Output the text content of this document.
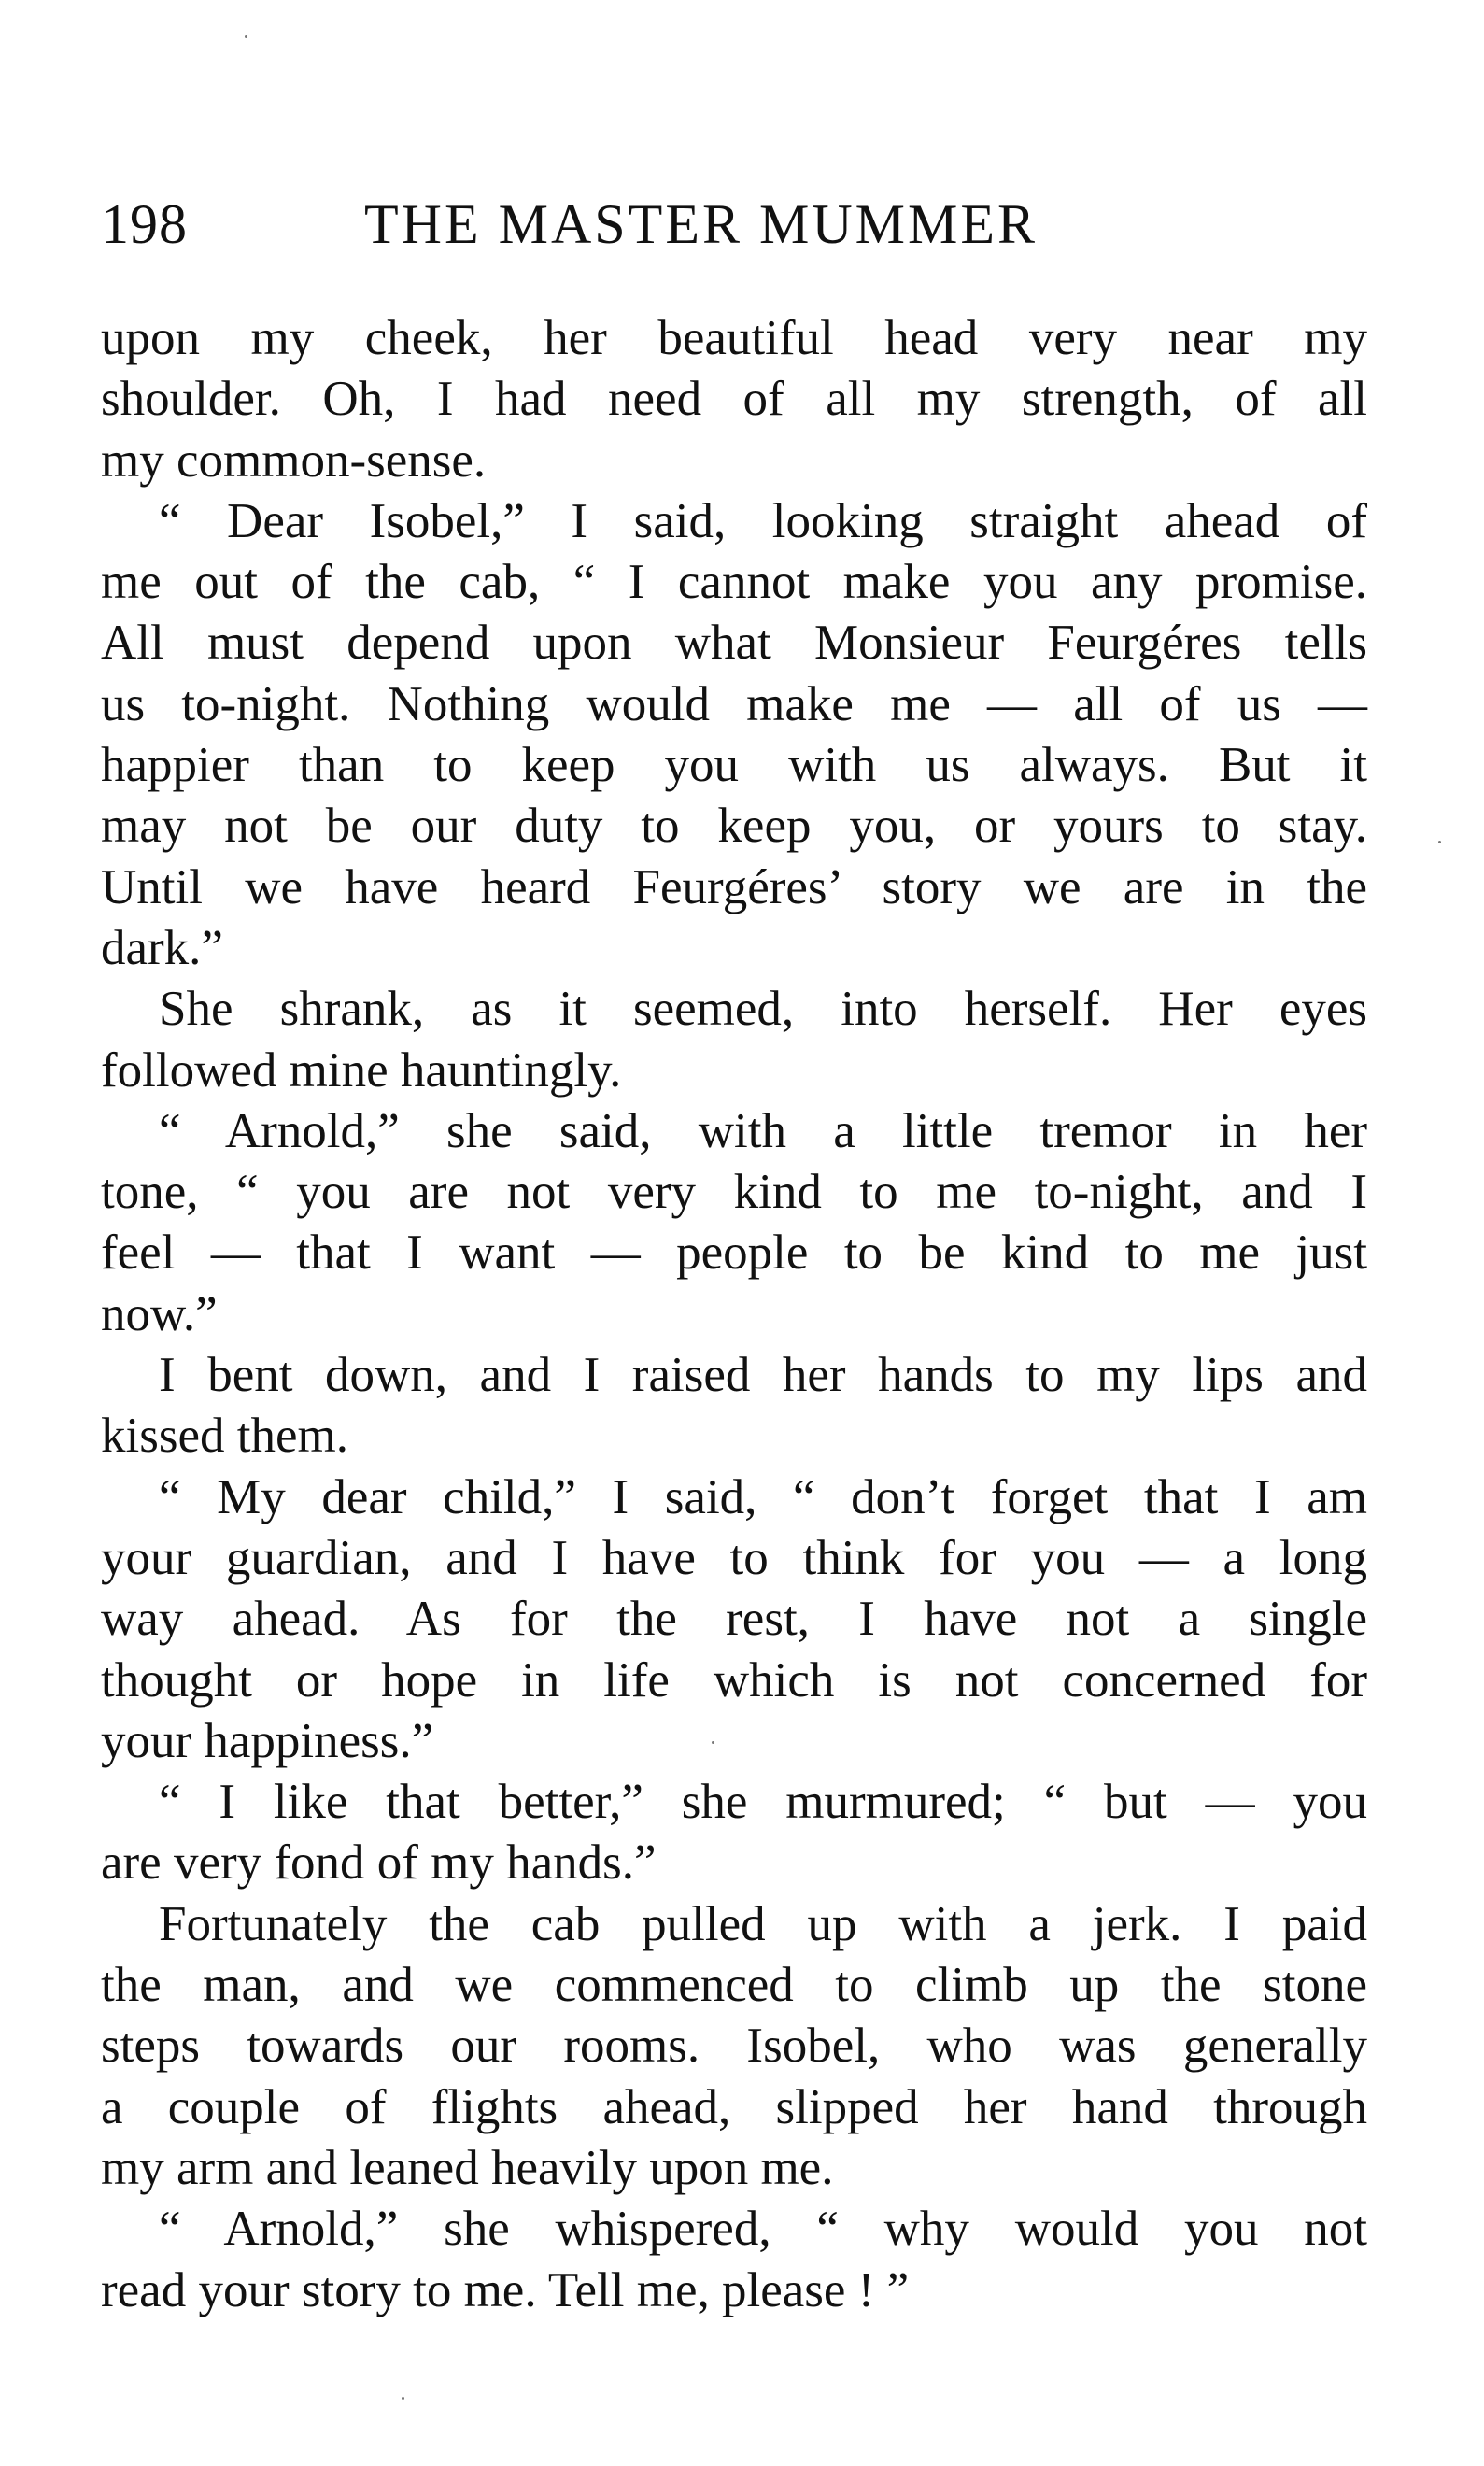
198	THE MASTER MUMMER
upon my cheek, her beautiful head very near my
shoulder. Oh, I had need of all my strength, of all
my common-sense.
“ Dear Isobel,” I said, looking straight ahead of
me out of the cab, “ I cannot make you any promise.
All must depend upon what Monsieur Feurgéres tells
us to-night. Nothing would make me — all of us —
happier than to keep you with us always. But it
may not be our duty to keep you, or yours to stay.
Until we have heard Feurgéres’ story we are in the
dark.”
She shrank, as it seemed, into herself. Her eyes
followed mine hauntingly.
“ Arnold,” she said, with a little tremor in her
tone, “ you are not very kind to me to-night, and I
feel — that I want — people to be kind to me just
now.”
I bent down, and I raised her hands to my lips and
kissed them.
“ My dear child,” I said, “ don’t forget that I am
your guardian, and I have to think for you — a long
way ahead. As for the rest, I have not a single
thought or hope in life which is not concerned for
your happiness.”
“ I like that better,” she murmured; “ but — you
are very fond of my hands.”
Fortunately the cab pulled up with a jerk. I paid
the man, and we commenced to climb up the stone
steps towards our rooms. Isobel, who was generally
a couple of flights ahead, slipped her hand through
my arm and leaned heavily upon me.
“ Arnold,” she whispered, “ why would you not
read your story to me. Tell me, please ! ”
